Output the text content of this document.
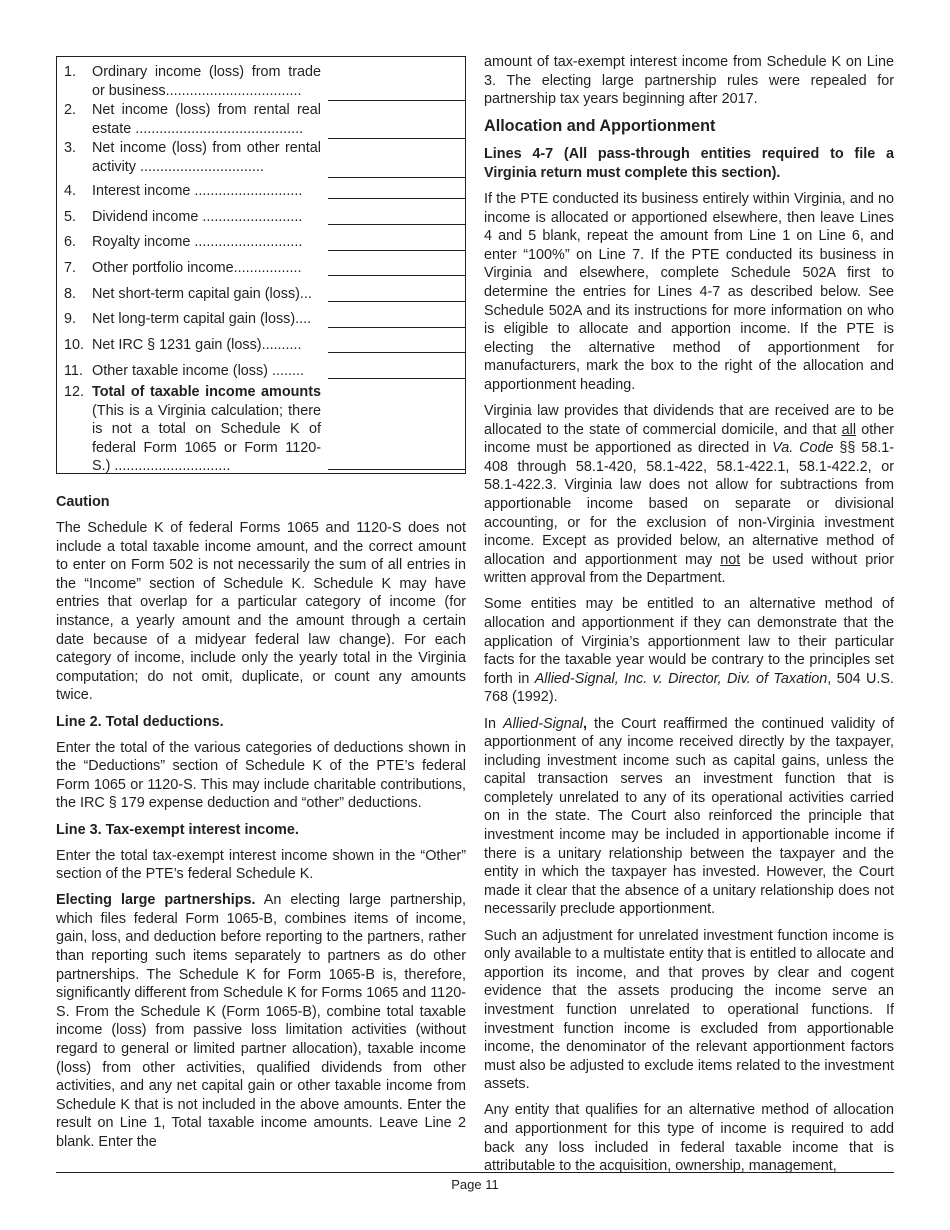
1.	Ordinary income (loss) from trade or business..................................
2.	Net income (loss) from rental real estate ..........................................
3.	Net income (loss) from other rental activity ...............................
4.	Interest income ...........................
5.	Dividend income .........................
6.	Royalty income ...........................
7.	Other portfolio income.................
8.	Net short-term capital gain (loss)...
9.	Net long-term capital gain (loss)....
10. Net IRC § 1231 gain (loss)..........
11. Other taxable income (loss) ........
12. Total of taxable income amounts (This is a Virginia calculation; there is not a total on Schedule K of federal Form 1065 or Form 1120-S.) .............................

Caution

The Schedule K of federal Forms 1065 and 1120-S does not include a total taxable income amount, and the correct amount to enter on Form 502 is not necessarily the sum of all entries in the “Income” section of Schedule K. Schedule K may have entries that overlap for a particular category of income (for instance, a yearly amount and the amount through a certain date because of a midyear federal law change). For each category of income, include only the yearly total in the Virginia computation; do not omit, duplicate, or count any amounts twice.

Line 2. Total deductions.

Enter the total of the various categories of deductions shown in the “Deductions” section of Schedule K of the PTE’s federal Form 1065 or 1120-S. This may include charitable contributions, the IRC § 179 expense deduction and “other” deductions.

Line 3. Tax-exempt interest income.

Enter the total tax-exempt interest income shown in the “Other” section of the PTE’s federal Schedule K.

Electing large partnerships. An electing large partnership, which files federal Form 1065-B, combines items of income, gain, loss, and deduction before reporting to the partners, rather than reporting such items separately to partners as do other partnerships. The Schedule K for Form 1065-B is, therefore, significantly different from Schedule K for Forms 1065 and 1120-S. From the Schedule K (Form 1065-B), combine total taxable income (loss) from passive loss limitation activities (without regard to general or limited partner allocation), taxable income (loss) from other activities, qualified dividends from other activities, and any net capital gain or other taxable income from Schedule K that is not included in the above amounts. Enter the result on Line 1, Total taxable income amounts. Leave Line 2 blank. Enter the

amount of tax-exempt interest income from Schedule K on Line 3. The electing large partnership rules were repealed for partnership tax years beginning after 2017.

Allocation and Apportionment

Lines 4-7 (All pass-through entities required to file a Virginia return must complete this section).

If the PTE conducted its business entirely within Virginia, and no income is allocated or apportioned elsewhere, then leave Lines 4 and 5 blank, repeat the amount from Line 1 on Line 6, and enter “100%” on Line 7. If the PTE conducted its business in Virginia and elsewhere, complete Schedule 502A first to determine the entries for Lines 4-7 as described below. See Schedule 502A and its instructions for more information on who is eligible to allocate and apportion income. If the PTE is electing the alternative method of apportionment for manufacturers, mark the box to the right of the allocation and apportionment heading.

Virginia law provides that dividends that are received are to be allocated to the state of commercial domicile, and that all other income must be apportioned as directed in Va. Code §§ 58.1-408 through 58.1-420, 58.1-422, 58.1-422.1, 58.1-422.2, or 58.1-422.3. Virginia law does not allow for subtractions from apportionable income based on separate or divisional accounting, or for the exclusion of non-Virginia investment income. Except as provided below, an alternative method of allocation and apportionment may not be used without prior written approval from the Department.

Some entities may be entitled to an alternative method of allocation and apportionment if they can demonstrate that the application of Virginia’s apportionment law to their particular facts for the taxable year would be contrary to the principles set forth in Allied-Signal, Inc. v. Director, Div. of Taxation, 504 U.S. 768 (1992).

In Allied-Signal, the Court reaffirmed the continued validity of apportionment of any income received directly by the taxpayer, including investment income such as capital gains, unless the capital transaction serves an investment function that is completely unrelated to any of its operational activities carried on in the state. The Court also reinforced the principle that investment income may be included in apportionable income if there is a unitary relationship between the taxpayer and the entity in which the taxpayer has invested. However, the Court made it clear that the absence of a unitary relationship does not necessarily preclude apportionment.

Such an adjustment for unrelated investment function income is only available to a multistate entity that is entitled to allocate and apportion its income, and that proves by clear and cogent evidence that the assets producing the income serve an investment function unrelated to operational functions. If investment function income is excluded from apportionable income, the denominator of the relevant apportionment factors must also be adjusted to exclude items related to the investment assets.

Any entity that qualifies for an alternative method of allocation and apportionment for this type of income is required to add back any loss included in federal taxable income that is attributable to the acquisition, ownership, management,

Page 11
